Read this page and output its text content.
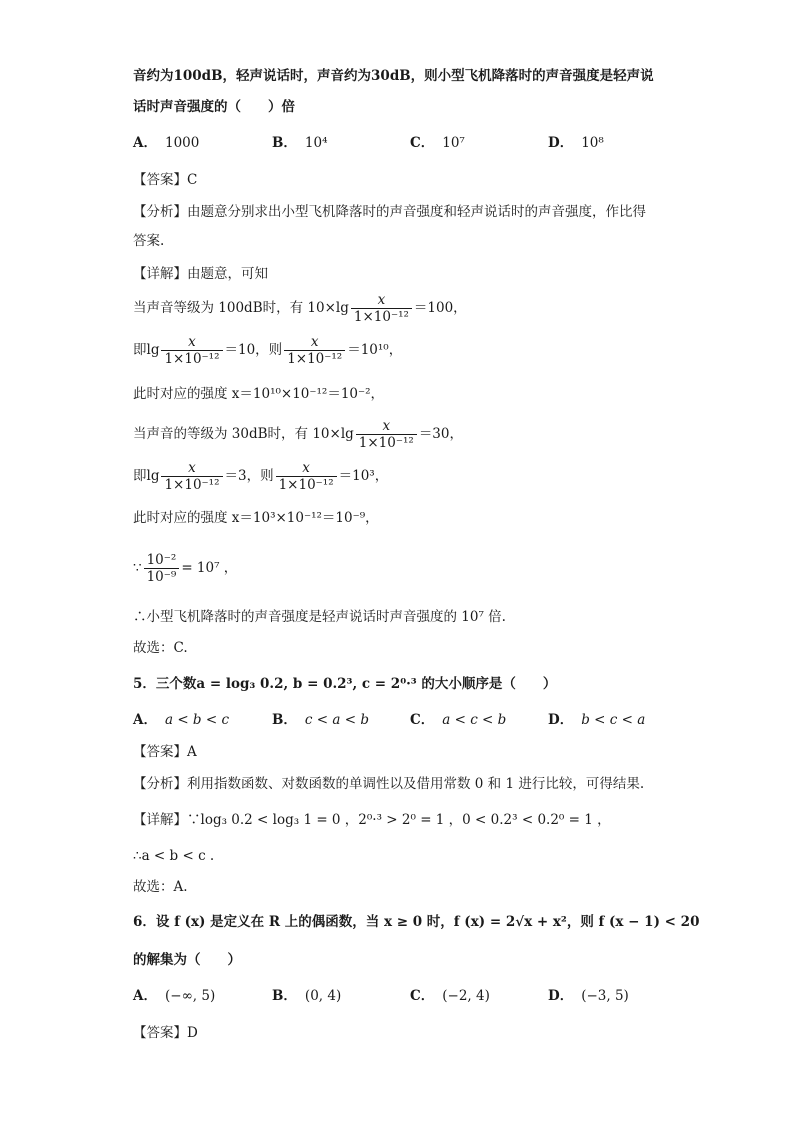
音约为100dB，轻声说话时，声音约为30dB，则小型飞机降落时的声音强度是轻声说
话时声音强度的（　　）倍
A． 1000	B． 10⁴	C． 10⁷	D． 10⁸
【答案】C
【分析】由题意分别求出小型飞机降落时的声音强度和轻声说话时的声音强度，作比得
答案.
【详解】由题意，可知
当声音等级为 100dB时，有 $10\times\lg \frac{x}{\text{1×10⁻¹²}} =100$，
即$\lg \frac{x}{\text{1×10⁻¹²}} =10$，则 $\frac{x}{\text{1×10⁻¹²}} =10^{10}$，
此时对应的强度 x＝10¹⁰×10⁻¹²＝10⁻²，
当声音的等级为 30dB时，有 $10\times\lg \frac{x}{\text{1×10⁻¹²}} =30$，
即$\lg \frac{x}{\text{1×10⁻¹²}} =3$，则 $\frac{x}{\text{1×10⁻¹²}} =10^3$，
此时对应的强度 x＝10³×10⁻¹²＝10⁻⁹，
∵ $\frac{\text{10⁻²}}{\text{10⁻⁹}} = 10^7$ ，
∴小型飞机降落时的声音强度是轻声说话时声音强度的 10⁷ 倍.
故选：C.
5．三个数a = log₃ 0.2, b = 0.2³, c = 2⁰·³ 的大小顺序是（　　）
A． a < b < c	B． c < a < b	C． a < c < b	D． b < c < a
【答案】A
【分析】利用指数函数、对数函数的单调性以及借用常数 0 和 1 进行比较，可得结果.
【详解】∵log₃ 0.2 < log₃ 1 = 0 ，2⁰·³ > 2⁰ = 1 ，0 < 0.2³ < 0.2⁰ = 1 ，
∴a < b < c .
故选：A.
6．设 f (x) 是定义在 R 上的偶函数，当 x ≥ 0 时，f (x) = 2√x + x²，则 f (x − 1) < 20
的解集为（　　）
A． (−∞, 5)	B． (0, 4)	C． (−2, 4)	D． (−3, 5)
【答案】D
